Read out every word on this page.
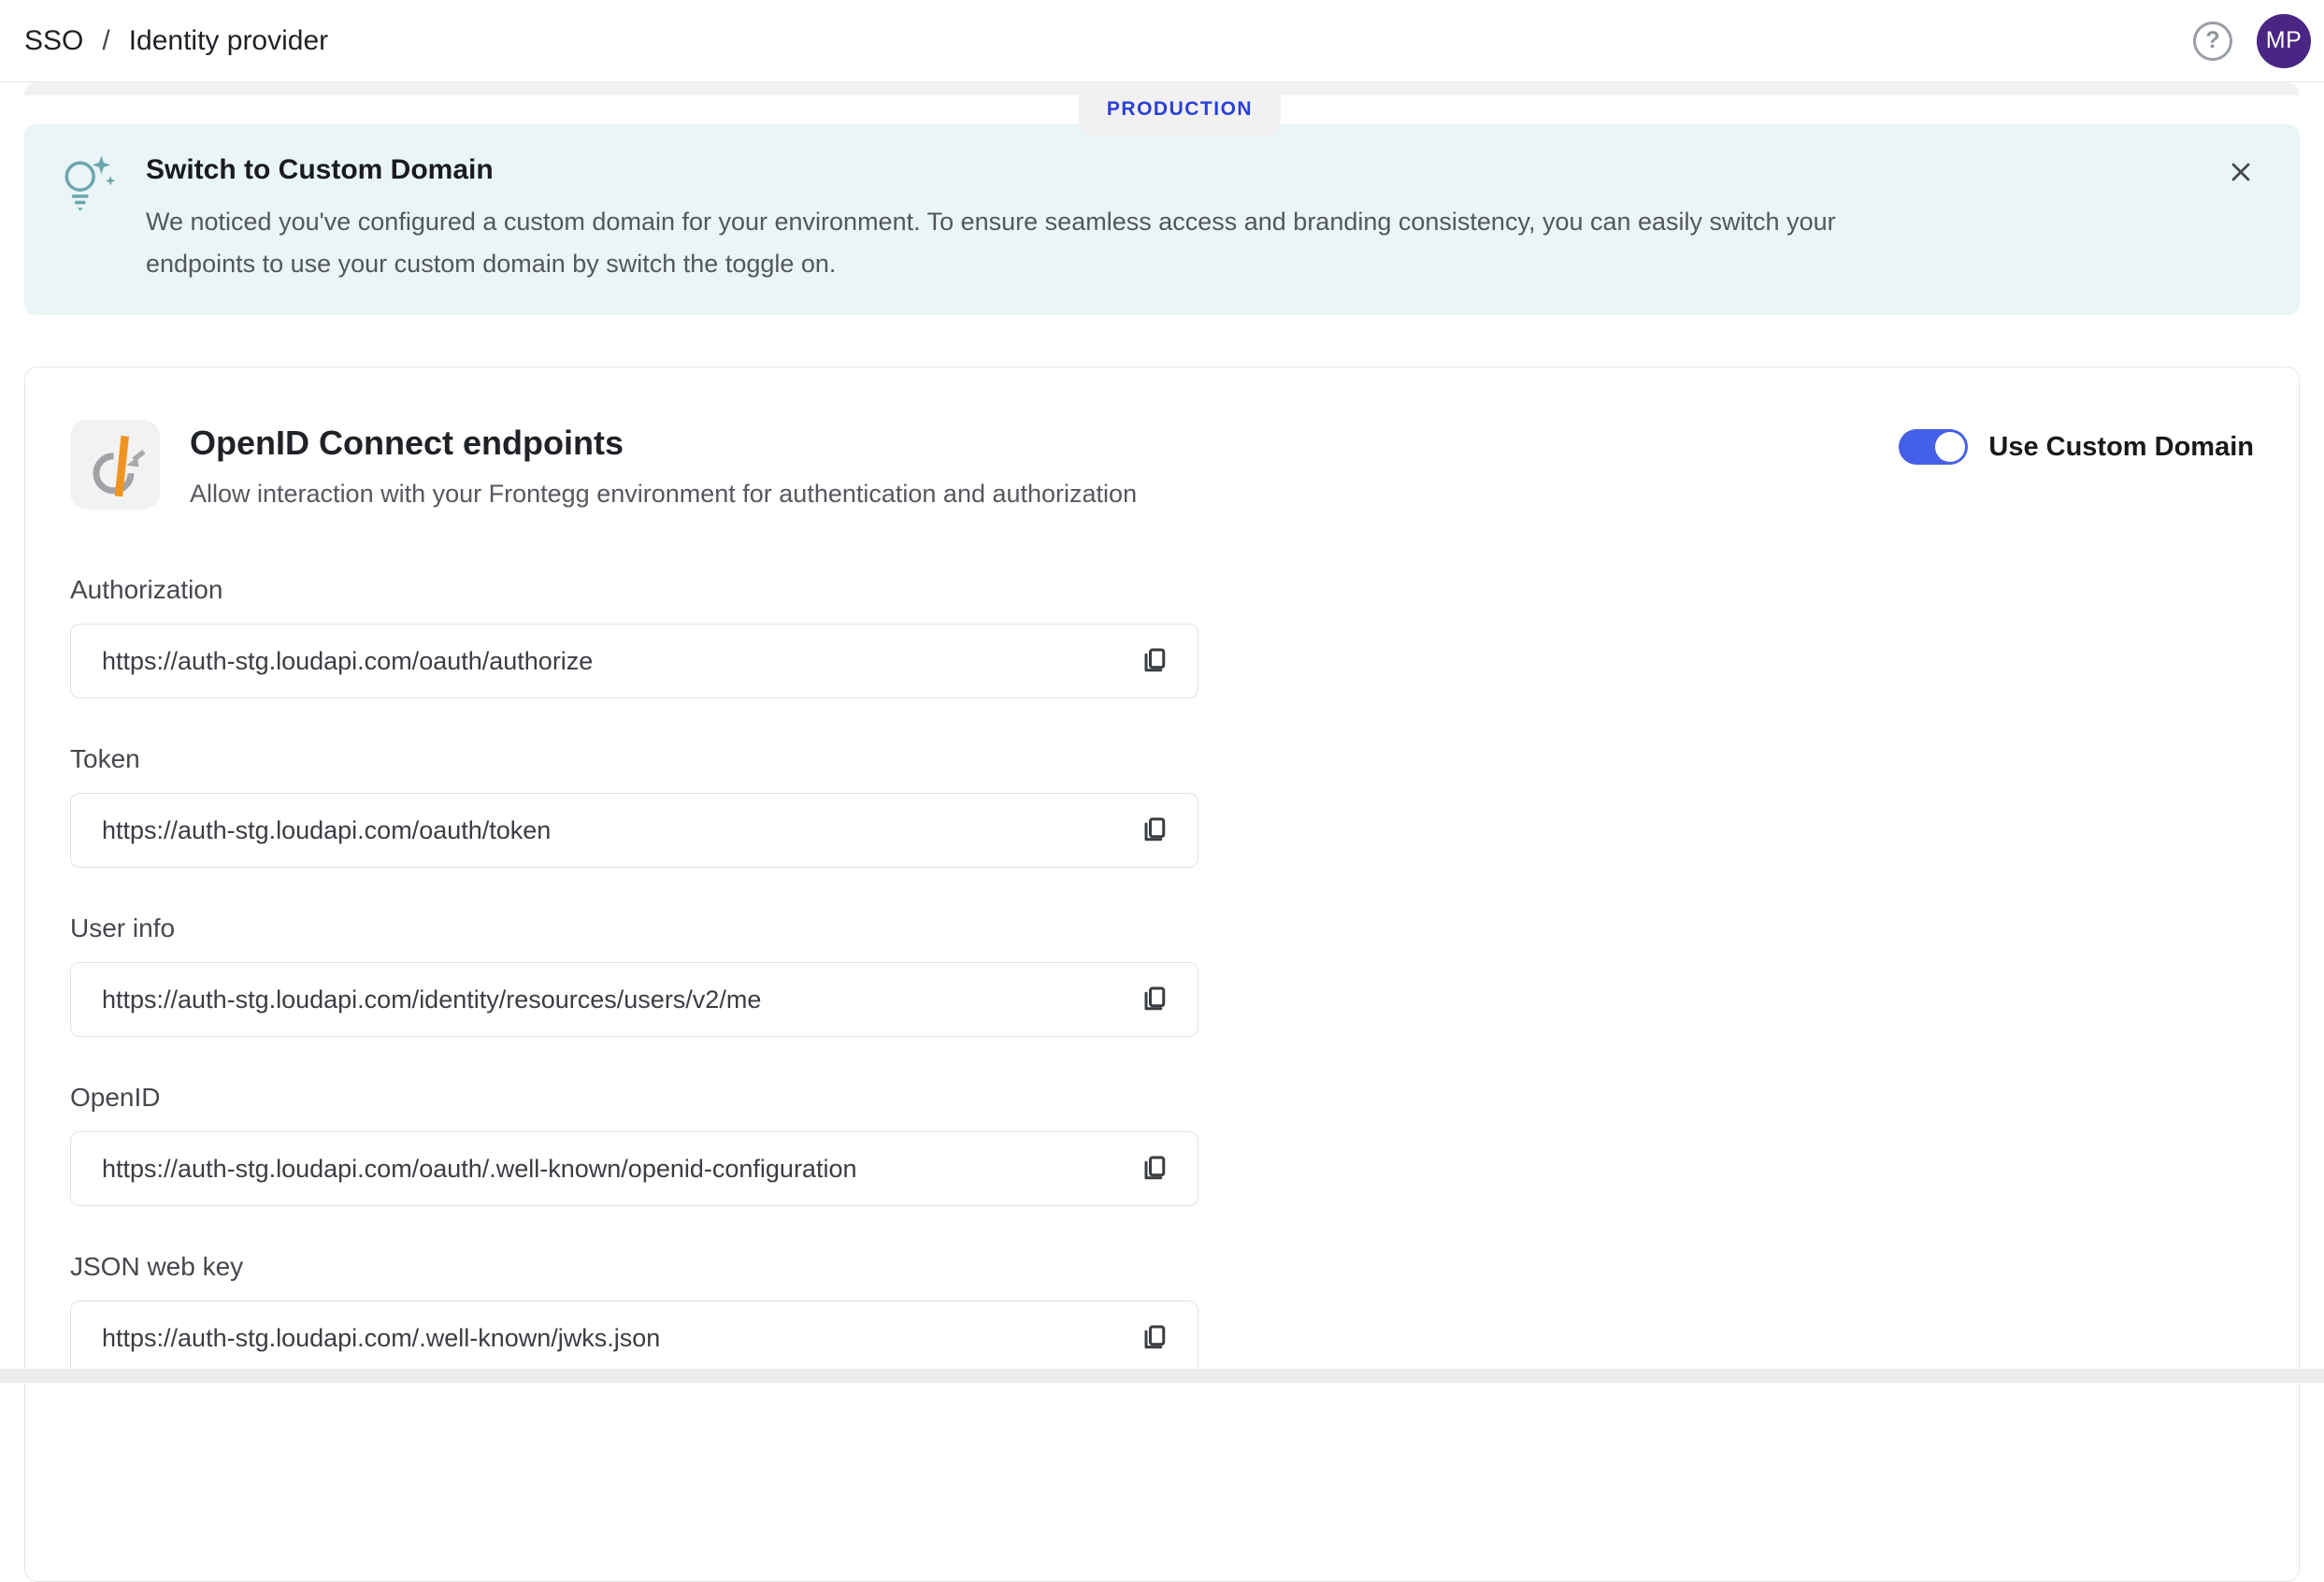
SSO / Identity provider	?	MP
PRODUCTION
Switch to Custom Domain
We noticed you've configured a custom domain for your environment. To ensure seamless access and branding consistency, you can easily switch your
endpoints to use your custom domain by switch the toggle on.
OpenID Connect endpoints
Allow interaction with your Frontegg environment for authentication and authorization
Use Custom Domain
Authorization
https://auth-stg.loudapi.com/oauth/authorize
Token
https://auth-stg.loudapi.com/oauth/token
User info
https://auth-stg.loudapi.com/identity/resources/users/v2/me
OpenID
https://auth-stg.loudapi.com/oauth/.well-known/openid-configuration
JSON web key
https://auth-stg.loudapi.com/.well-known/jwks.json
